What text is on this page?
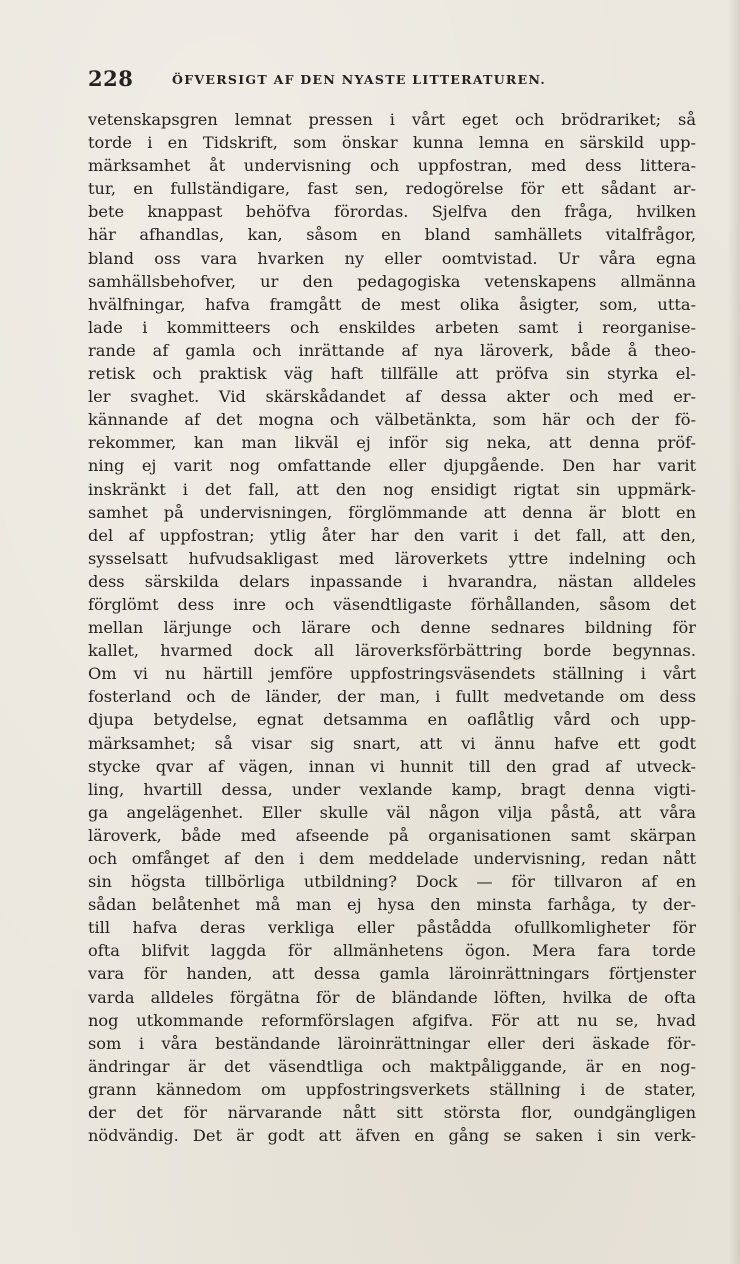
228	ÖFVERSIGT AF DEN NYASTE LITTERATUREN.
vetenskapsgren lemnat pressen i vårt eget och brödrariket; så
torde i en Tidskrift, som önskar kunna lemna en särskild upp-
märksamhet åt undervisning och uppfostran, med dess littera-
tur, en fullständigare, fast sen, redogörelse för ett sådant ar-
bete knappast behöfva förordas. Sjelfva den fråga, hvilken
här afhandlas, kan, såsom en bland samhällets vitalfrågor,
bland oss vara hvarken ny eller oomtvistad. Ur våra egna
samhällsbehofver, ur den pedagogiska vetenskapens allmänna
hvälfningar, hafva framgått de mest olika åsigter, som, utta-
lade i kommitteers och enskildes arbeten samt i reorganise-
rande af gamla och inrättande af nya läroverk, både å theo-
retisk och praktisk väg haft tillfälle att pröfva sin styrka el-
ler svaghet. Vid skärskådandet af dessa akter och med er-
kännande af det mogna och välbetänkta, som här och der fö-
rekommer, kan man likväl ej inför sig neka, att denna pröf-
ning ej varit nog omfattande eller djupgående. Den har varit
inskränkt i det fall, att den nog ensidigt rigtat sin uppmärk-
samhet på undervisningen, förglömmande att denna är blott en
del af uppfostran; ytlig åter har den varit i det fall, att den,
sysselsatt hufvudsakligast med läroverkets yttre indelning och
dess särskilda delars inpassande i hvarandra, nästan alldeles
förglömt dess inre och väsendtligaste förhållanden, såsom det
mellan lärjunge och lärare och denne sednares bildning för
kallet, hvarmed dock all läroverksförbättring borde begynnas.
Om vi nu härtill jemföre uppfostringsväsendets ställning i vårt
fosterland och de länder, der man, i fullt medvetande om dess
djupa betydelse, egnat detsamma en oaflåtlig vård och upp-
märksamhet; så visar sig snart, att vi ännu hafve ett godt
stycke qvar af vägen, innan vi hunnit till den grad af utveck-
ling, hvartill dessa, under vexlande kamp, bragt denna vigti-
ga angelägenhet. Eller skulle väl någon vilja påstå, att våra
läroverk, både med afseende på organisationen samt skärpan
och omfånget af den i dem meddelade undervisning, redan nått
sin högsta tillbörliga utbildning? Dock — för tillvaron af en
sådan belåtenhet må man ej hysa den minsta farhåga, ty der-
till hafva deras verkliga eller påstådda ofullkomligheter för
ofta blifvit laggda för allmänhetens ögon. Mera fara torde
vara för handen, att dessa gamla läroinrättningars förtjenster
varda alldeles förgätna för de bländande löften, hvilka de ofta
nog utkommande reformförslagen afgifva. För att nu se, hvad
som i våra beständande läroinrättningar eller deri äskade för-
ändringar är det väsendtliga och maktpåliggande, är en nog-
grann kännedom om uppfostringsverkets ställning i de stater,
der det för närvarande nått sitt största flor, oundgängligen
nödvändig. Det är godt att äfven en gång se saken i sin verk-
